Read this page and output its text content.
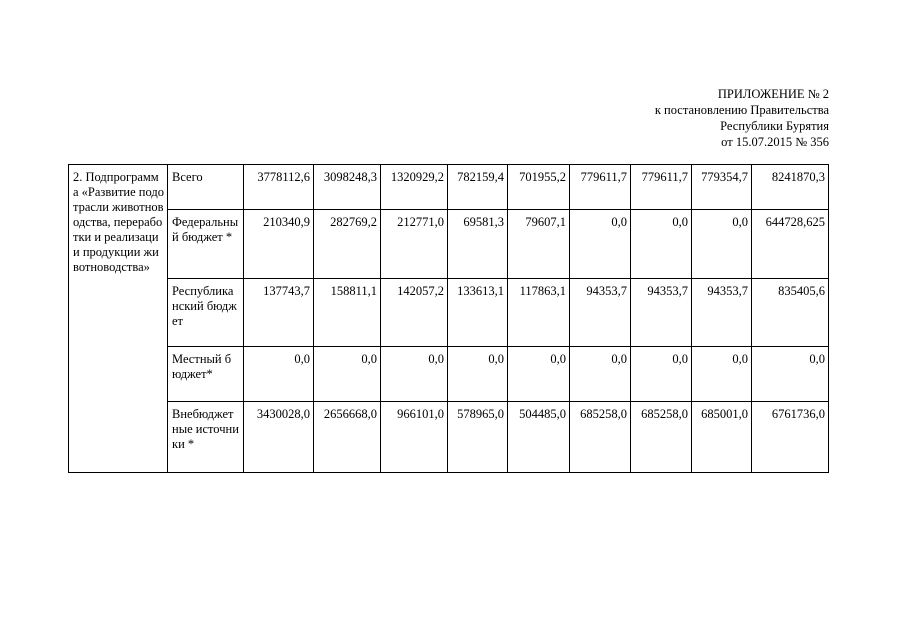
ПРИЛОЖЕНИЕ № 2
к постановлению Правительства
Республики Бурятия
от 15.07.2015 № 356
2. Подпрограмма «Развитие подотрасли животноводства, переработки и реализации продукции животноводства»	Всего	3778112,6	3098248,3	1320929,2	782159,4	701955,2	779611,7	779611,7	779354,7	8241870,3
	Федеральный бюджет *	210340,9	282769,2	212771,0	69581,3	79607,1	0,0	0,0	0,0	644728,625
	Республиканский бюджет	137743,7	158811,1	142057,2	133613,1	117863,1	94353,7	94353,7	94353,7	835405,6
	Местный бюджет*	0,0	0,0	0,0	0,0	0,0	0,0	0,0	0,0	0,0
	Внебюджетные источники *	3430028,0	2656668,0	966101,0	578965,0	504485,0	685258,0	685258,0	685001,0	6761736,0
